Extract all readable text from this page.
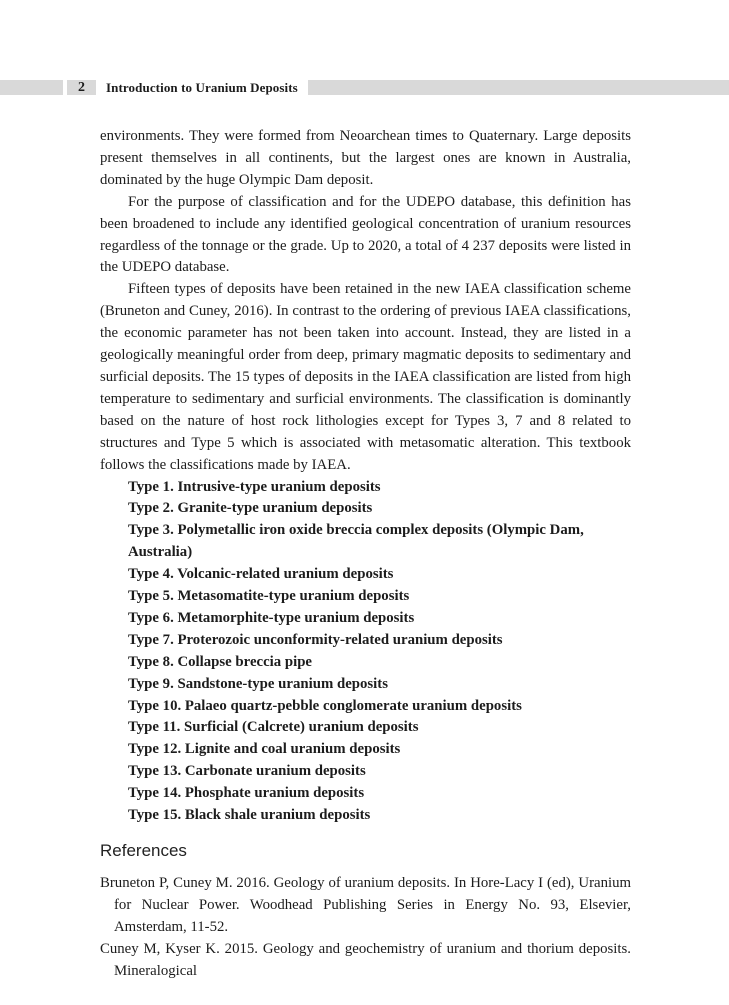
2	Introduction to Uranium Deposits

environments. They were formed from Neoarchean times to Quaternary. Large deposits present themselves in all continents, but the largest ones are known in Australia, dominated by the huge Olympic Dam deposit.

For the purpose of classification and for the UDEPO database, this definition has been broadened to include any identified geological concentration of uranium resources regardless of the tonnage or the grade. Up to 2020, a total of 4 237 deposits were listed in the UDEPO database.

Fifteen types of deposits have been retained in the new IAEA classification scheme (Bruneton and Cuney, 2016). In contrast to the ordering of previous IAEA classifications, the economic parameter has not been taken into account. Instead, they are listed in a geologically meaningful order from deep, primary magmatic deposits to sedimentary and surficial deposits. The 15 types of deposits in the IAEA classification are listed from high temperature to sedimentary and surficial environments. The classification is dominantly based on the nature of host rock lithologies except for Types 3, 7 and 8 related to structures and Type 5 which is associated with metasomatic alteration. This textbook follows the classifications made by IAEA.

Type 1. Intrusive-type uranium deposits
Type 2. Granite-type uranium deposits
Type 3. Polymetallic iron oxide breccia complex deposits (Olympic Dam, Australia)
Type 4. Volcanic-related uranium deposits
Type 5. Metasomatite-type uranium deposits
Type 6. Metamorphite-type uranium deposits
Type 7. Proterozoic unconformity-related uranium deposits
Type 8. Collapse breccia pipe
Type 9. Sandstone-type uranium deposits
Type 10. Palaeo quartz-pebble conglomerate uranium deposits
Type 11. Surficial (Calcrete) uranium deposits
Type 12. Lignite and coal uranium deposits
Type 13. Carbonate uranium deposits
Type 14. Phosphate uranium deposits
Type 15. Black shale uranium deposits
References

Bruneton P, Cuney M. 2016. Geology of uranium deposits. In Hore-Lacy I (ed), Uranium for Nuclear Power. Woodhead Publishing Series in Energy No. 93, Elsevier, Amsterdam, 11-52.

Cuney M, Kyser K. 2015. Geology and geochemistry of uranium and thorium deposits. Mineralogical
